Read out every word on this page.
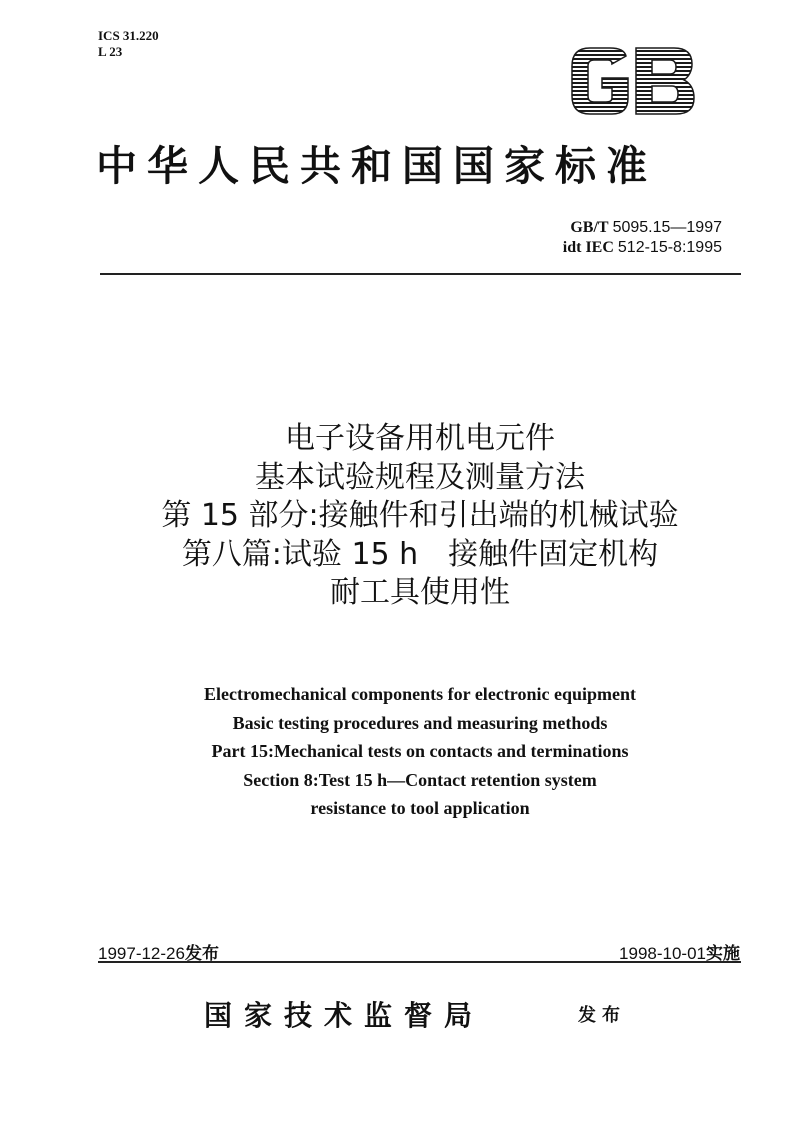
ICS 31.220
L 23
中华人民共和国国家标准
GB/T 5095.15—1997
idt IEC 512-15-8:1995
电子设备用机电元件
基本试验规程及测量方法
第 15 部分:接触件和引出端的机械试验
第八篇:试验 15 h　接触件固定机构
耐工具使用性
Electromechanical components for electronic equipment
Basic testing procedures and measuring methods
Part 15:Mechanical tests on contacts and terminations
Section 8:Test 15 h—Contact retention system
resistance to tool application
1997-12-26发布	1998-10-01实施
国家技术监督局	发布
